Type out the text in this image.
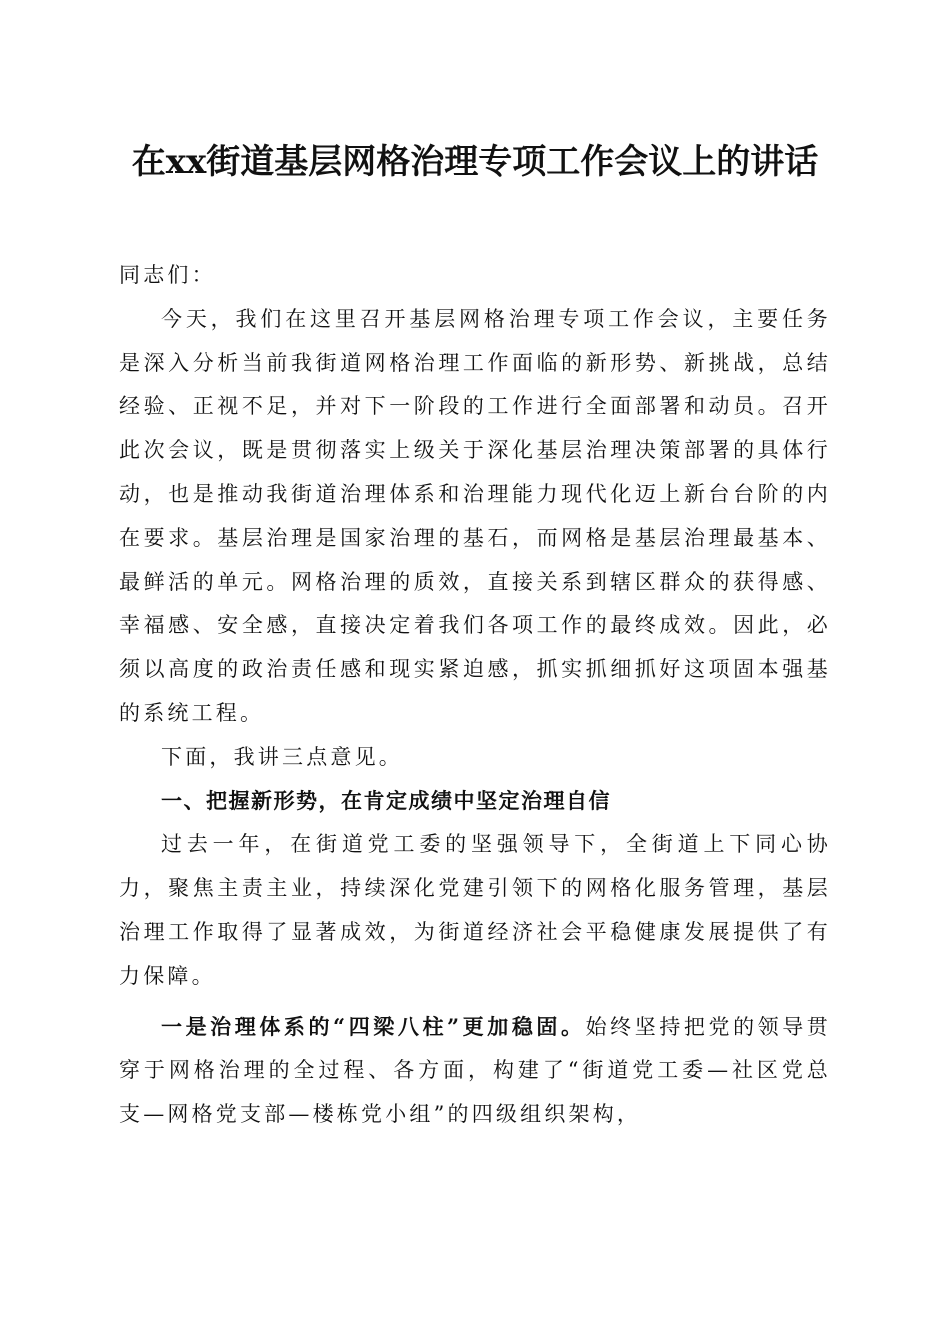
在xx街道基层网格治理专项工作会议上的讲话

同志们：

今天，我们在这里召开基层网格治理专项工作会议，主要任务是深入分析当前我街道网格治理工作面临的新形势、新挑战，总结经验、正视不足，并对下一阶段的工作进行全面部署和动员。召开此次会议，既是贯彻落实上级关于深化基层治理决策部署的具体行动，也是推动我街道治理体系和治理能力现代化迈上新台台阶的内在要求。基层治理是国家治理的基石，而网格是基层治理最基本、最鲜活的单元。网格治理的质效，直接关系到辖区群众的获得感、幸福感、安全感，直接决定着我们各项工作的最终成效。因此，必须以高度的政治责任感和现实紧迫感，抓实抓细抓好这项固本强基的系统工程。

下面，我讲三点意见。

一、把握新形势，在肯定成绩中坚定治理自信

过去一年，在街道党工委的坚强领导下，全街道上下同心协力，聚焦主责主业，持续深化党建引领下的网格化服务管理，基层治理工作取得了显著成效，为街道经济社会平稳健康发展提供了有力保障。

一是治理体系的“四梁八柱”更加稳固。始终坚持把党的领导贯穿于网格治理的全过程、各方面，构建了“街道党工委—社区党总支—网格党支部—楼栋党小组”的四级组织架构，
